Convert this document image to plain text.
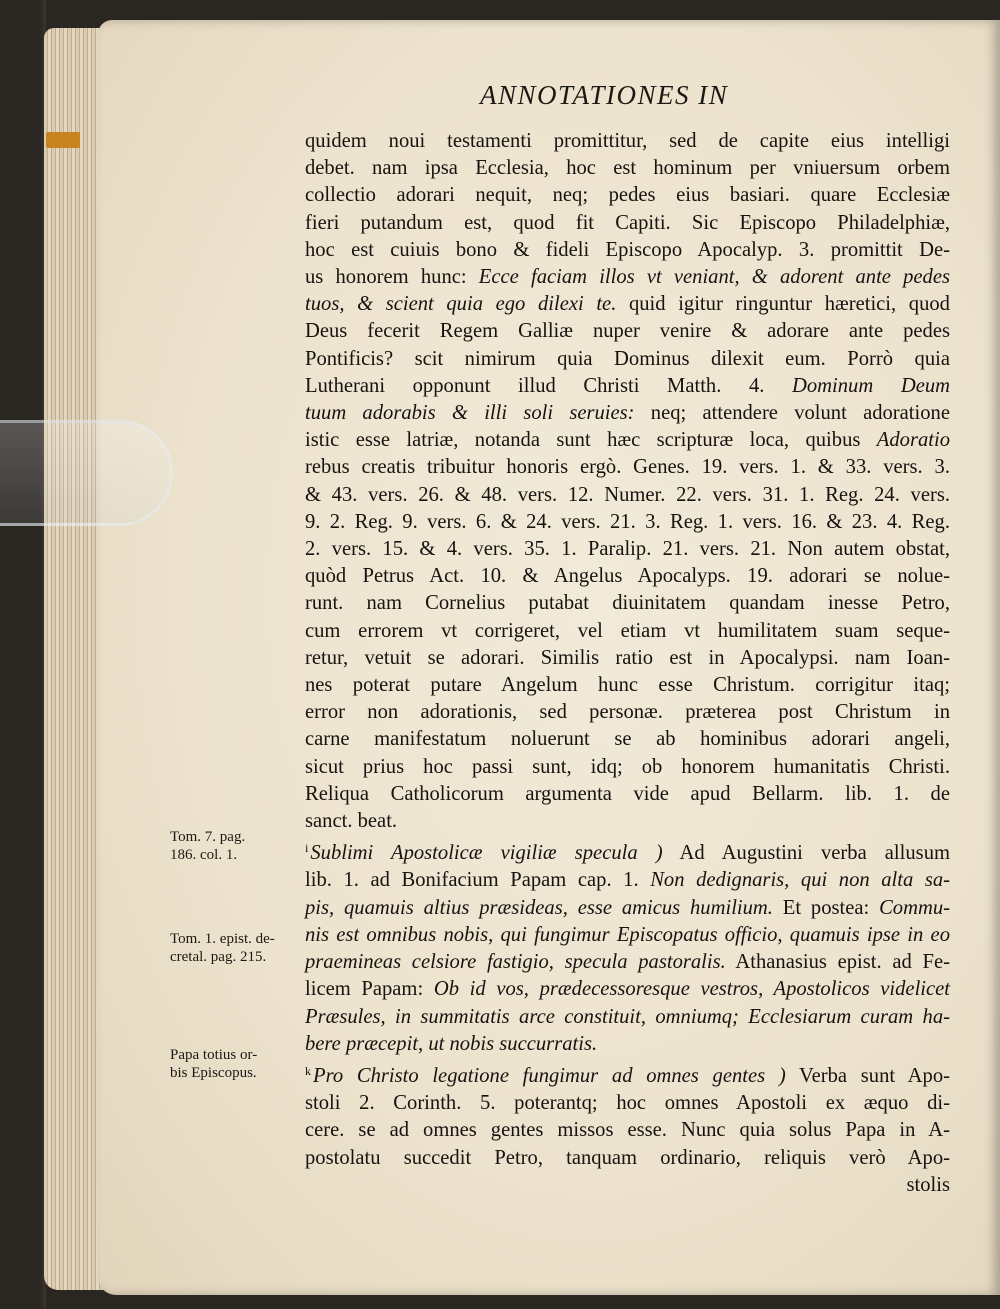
ANNOTATIONES IN
quidem noui testamenti promittitur, sed de capite eius intelligi
debet. nam ipsa Ecclesia, hoc est hominum per vniuersum orbem
collectio adorari nequit, neq; pedes eius basiari. quare Ecclesiæ
fieri putandum est, quod fit Capiti. Sic Episcopo Philadelphiæ,
hoc est cuiuis bono & fideli Episcopo Apocalyp. 3. promittit De-
us honorem hunc: Ecce faciam illos vt veniant, & adorent ante pedes
tuos, & scient quia ego dilexi te. quid igitur ringuntur hæretici, quod
Deus fecerit Regem Galliæ nuper venire & adorare ante pedes
Pontificis? scit nimirum quia Dominus dilexit eum. Porrò quia
Lutherani opponunt illud Christi Matth. 4. Dominum Deum
tuum adorabis & illi soli seruies: neq; attendere volunt adoratione
istic esse latriæ, notanda sunt hæc scripturæ loca, quibus Adoratio
rebus creatis tribuitur honoris ergò. Genes. 19. vers. 1. & 33. vers. 3.
& 43. vers. 26. & 48. vers. 12. Numer. 22. vers. 31. 1. Reg. 24. vers.
9. 2. Reg. 9. vers. 6. & 24. vers. 21. 3. Reg. 1. vers. 16. & 23. 4. Reg.
2. vers. 15. & 4. vers. 35. 1. Paralip. 21. vers. 21. Non autem obstat,
quòd Petrus Act. 10. & Angelus Apocalyps. 19. adorari se noluе-
runt. nam Cornelius putabat diuinitatem quandam inesse Petro,
cum errorem vt corrigeret, vel etiam vt humilitatem suam seque-
retur, vetuit se adorari. Similis ratio est in Apocalypsi. nam Ioan-
nes poterat putare Angelum hunc esse Christum. corrigitur itaq;
error non adorationis, sed personæ. præterea post Christum in
carne manifestatum noluerunt se ab hominibus adorari angeli,
sicut prius hoc passi sunt, idq; ob honorem humanitatis Christi.
Reliqua Catholicorum argumenta vide apud Bellarm. lib. 1. de
sanct. beat.
$^i$Sublimi Apostolicæ vigiliæ specula ) Ad Augustini verba allusum
lib. 1. ad Bonifacium Papam cap. 1. Non dedignaris, qui non alta sa-
pis, quamuis altius præsideas, esse amicus humilium. Et postea: Commu-
nis est omnibus nobis, qui fungimur Episcopatus officio, quamuis ipse in eo
praemineas celsiore fastigio, specula pastoralis. Athanasius epist. ad Fe-
licem Papam: Ob id vos, prædecessoresque vestros, Apostolicos videlicet
Præsules, in summitatis arce constituit, omniumq; Ecclesiarum curam ha-
bere præcepit, ut nobis succurratis.
$^k$Pro Christo legatione fungimur ad omnes gentes ) Verba sunt Apo-
stoli 2. Corinth. 5. poterantq; hoc omnes Apostoli ex æquo di-
cere. se ad omnes gentes missos esse. Nunc quia solus Papa in A-
postolatu succedit Petro, tanquam ordinario, reliquis verò Apo-
stolis
Tom. 7. pag.
186. col. 1.
Tom. 1. epist. de-
cretal. pag. 215.
Papa totius or-
bis Episcopus.
